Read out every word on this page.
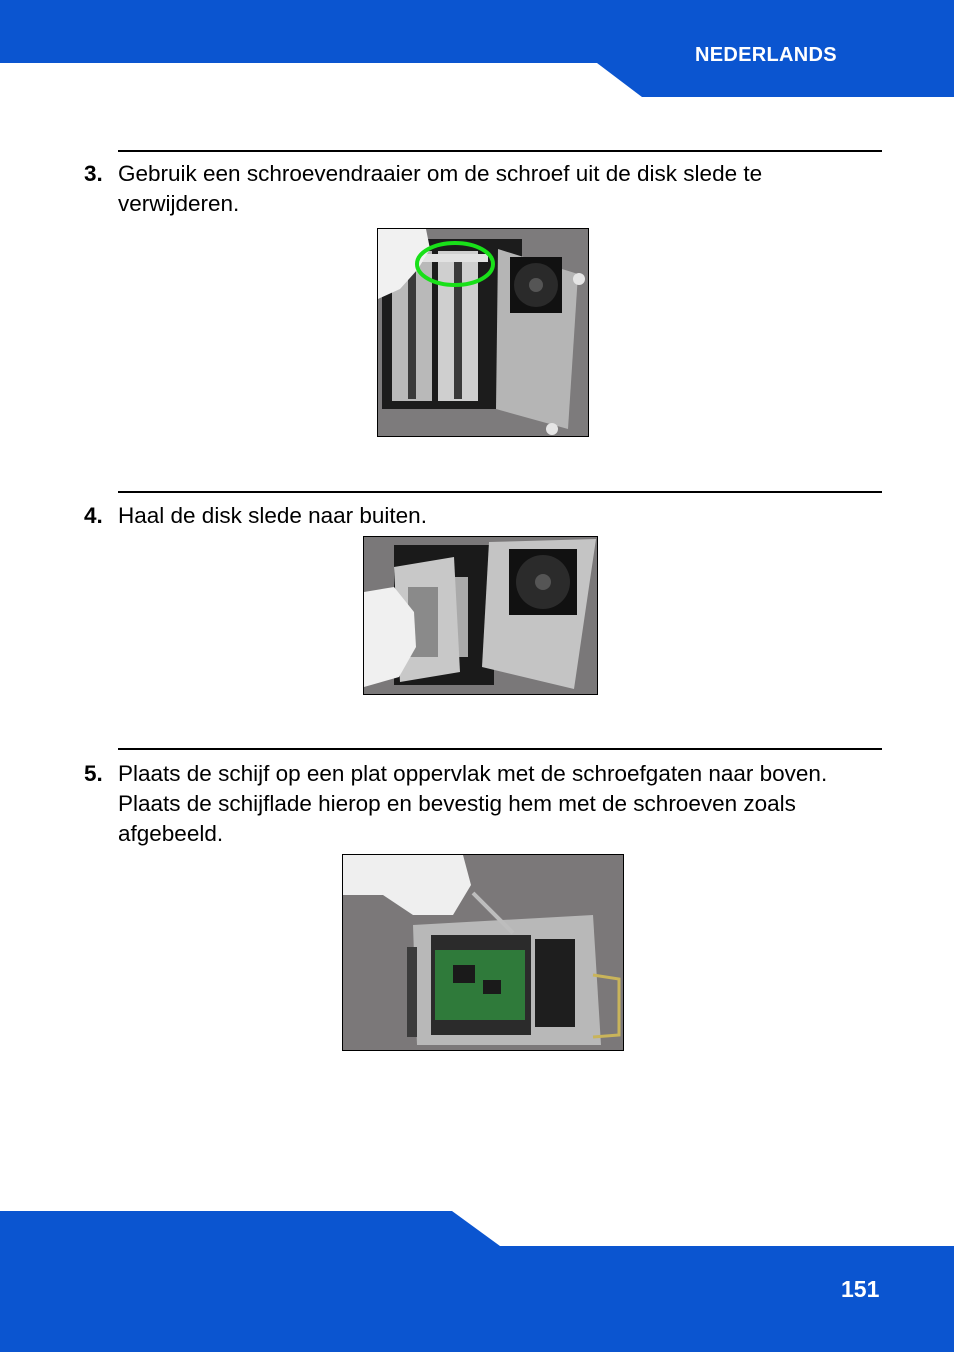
NEDERLANDS
3. Gebruik een schroevendraaier om de schroef uit de disk slede te verwijderen.
4. Haal de disk slede naar buiten.
5. Plaats de schijf op een plat oppervlak met de schroefgaten naar boven. Plaats de schijflade hierop en bevestig hem met de schroeven zoals afgebeeld.
151
